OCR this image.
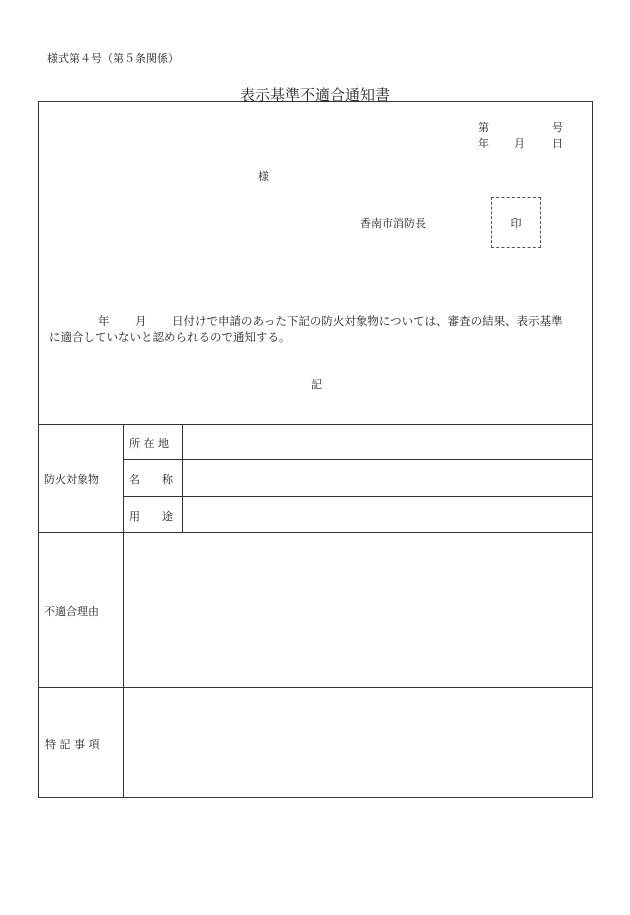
様式第４号（第５条関係）
表示基準不適合通知書
第	号
年 月 日
様
香南市消防長	印
年 月 日付けで申請のあった下記の防火対象物については、審査の結果、表示基準
に適合していないと認められるので通知する。
記
防火対象物
所 在 地
名　　称
用　　途
不適合理由
特 記 事 項
